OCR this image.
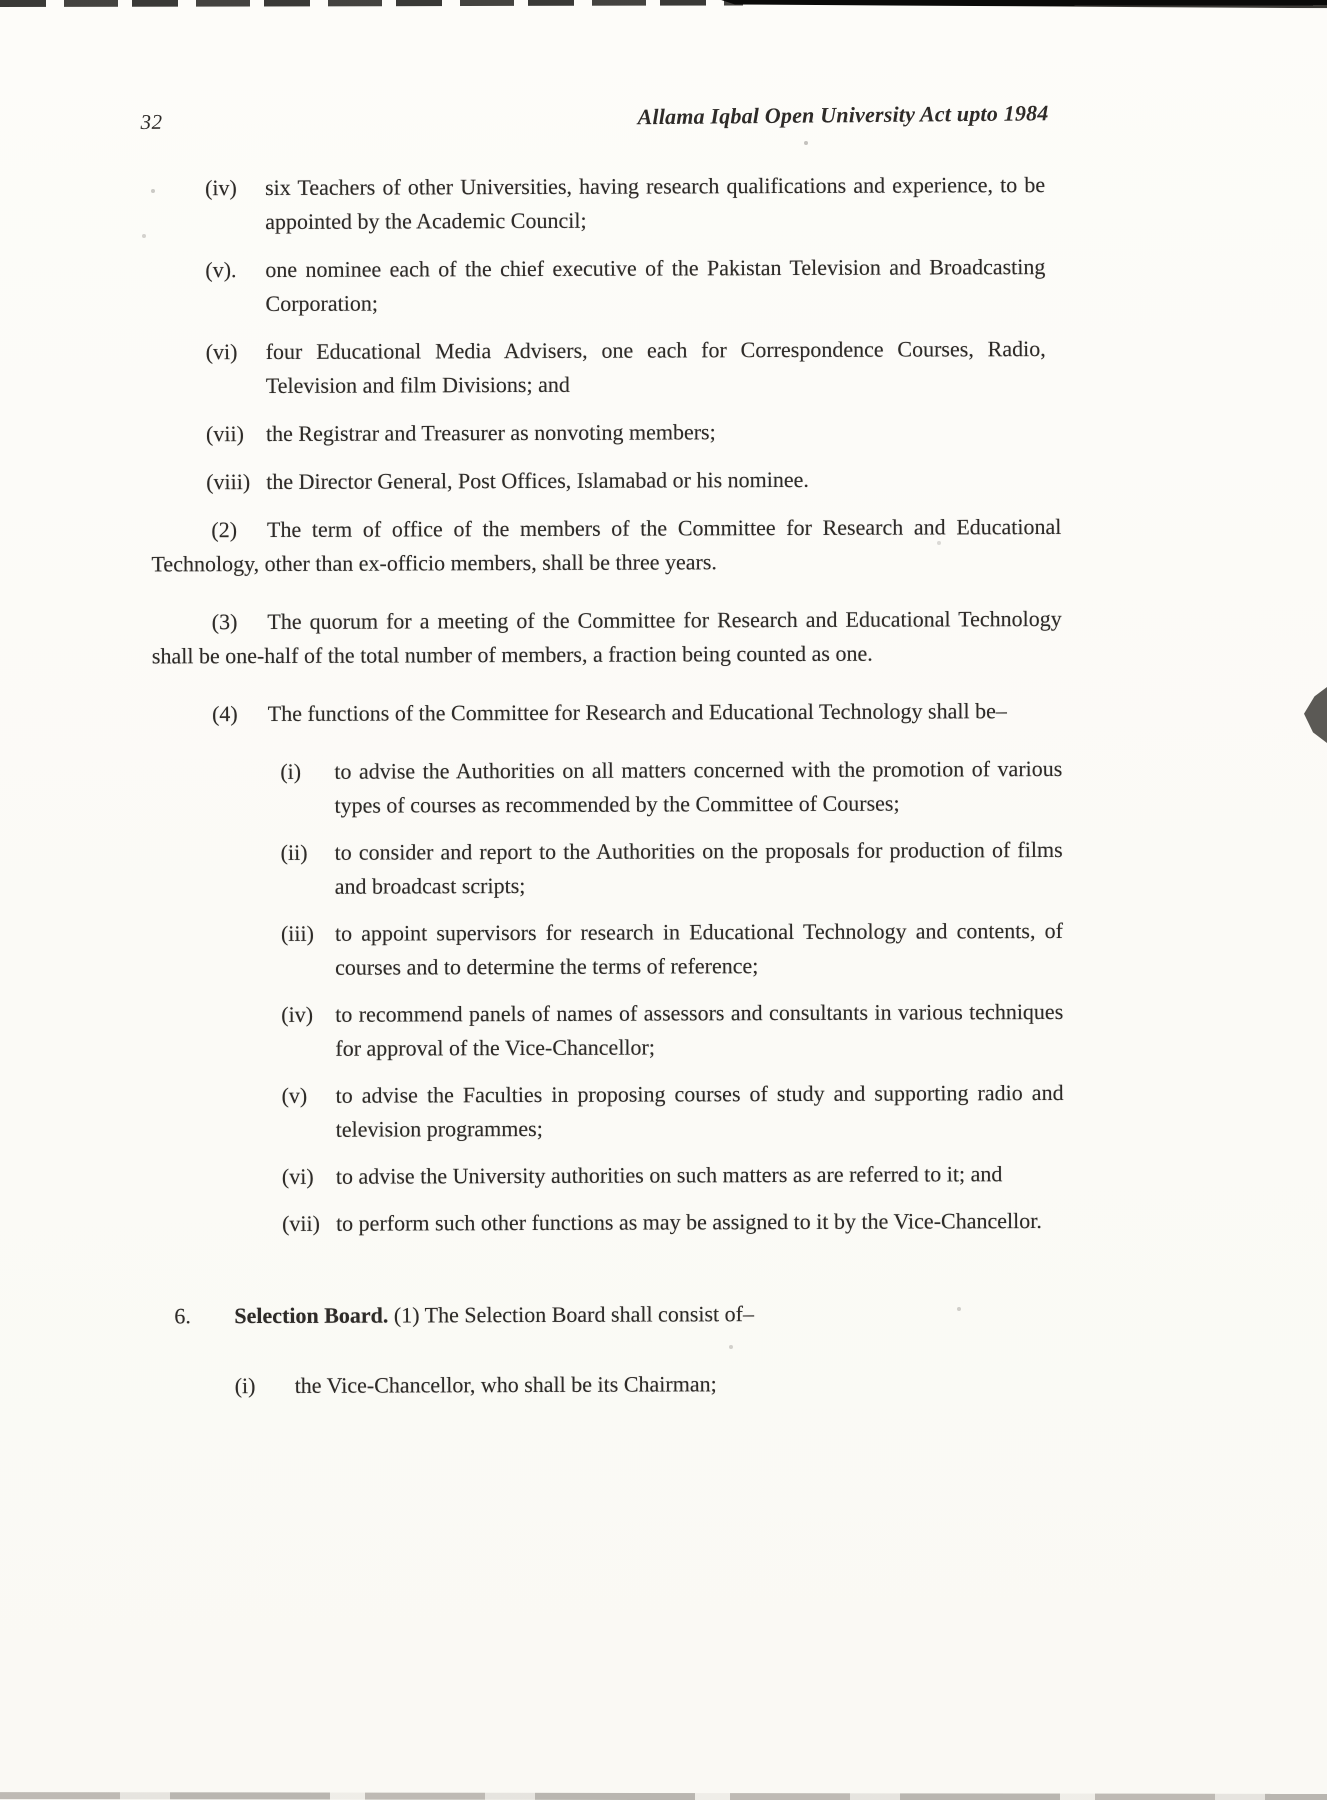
32	Allama Iqbal Open University Act upto 1984
(iv)	six Teachers of other Universities, having research qualifications and experience, to be appointed by the Academic Council;
(v).	one nominee each of the chief executive of the Pakistan Television and Broadcasting Corporation;
(vi)	four Educational Media Advisers, one each for Correspondence Courses, Radio, Television and film Divisions; and
(vii)	the Registrar and Treasurer as nonvoting members;
(viii) the Director General, Post Offices, Islamabad or his nominee.

(2) The term of office of the members of the Committee for Research and Educational Technology, other than ex-officio members, shall be three years.

(3) The quorum for a meeting of the Committee for Research and Educational Technology shall be one-half of the total number of members, a fraction being counted as one.

(4) The functions of the Committee for Research and Educational Technology shall be–

(i)	to advise the Authorities on all matters concerned with the promotion of various types of courses as recommended by the Committee of Courses;
(ii)	to consider and report to the Authorities on the proposals for production of films and broadcast scripts;
(iii) to appoint supervisors for research in Educational Technology and contents, of courses and to determine the terms of reference;
(iv)	to recommend panels of names of assessors and consultants in various techniques for approval of the Vice-Chancellor;
(v)	to advise the Faculties in proposing courses of study and supporting radio and television programmes;
(vi)	to advise the University authorities on such matters as are referred to it; and
(vii) to perform such other functions as may be assigned to it by the Vice-Chancellor.
6.	Selection Board. (1) The Selection Board shall consist of–
(i)	the Vice-Chancellor, who shall be its Chairman;
